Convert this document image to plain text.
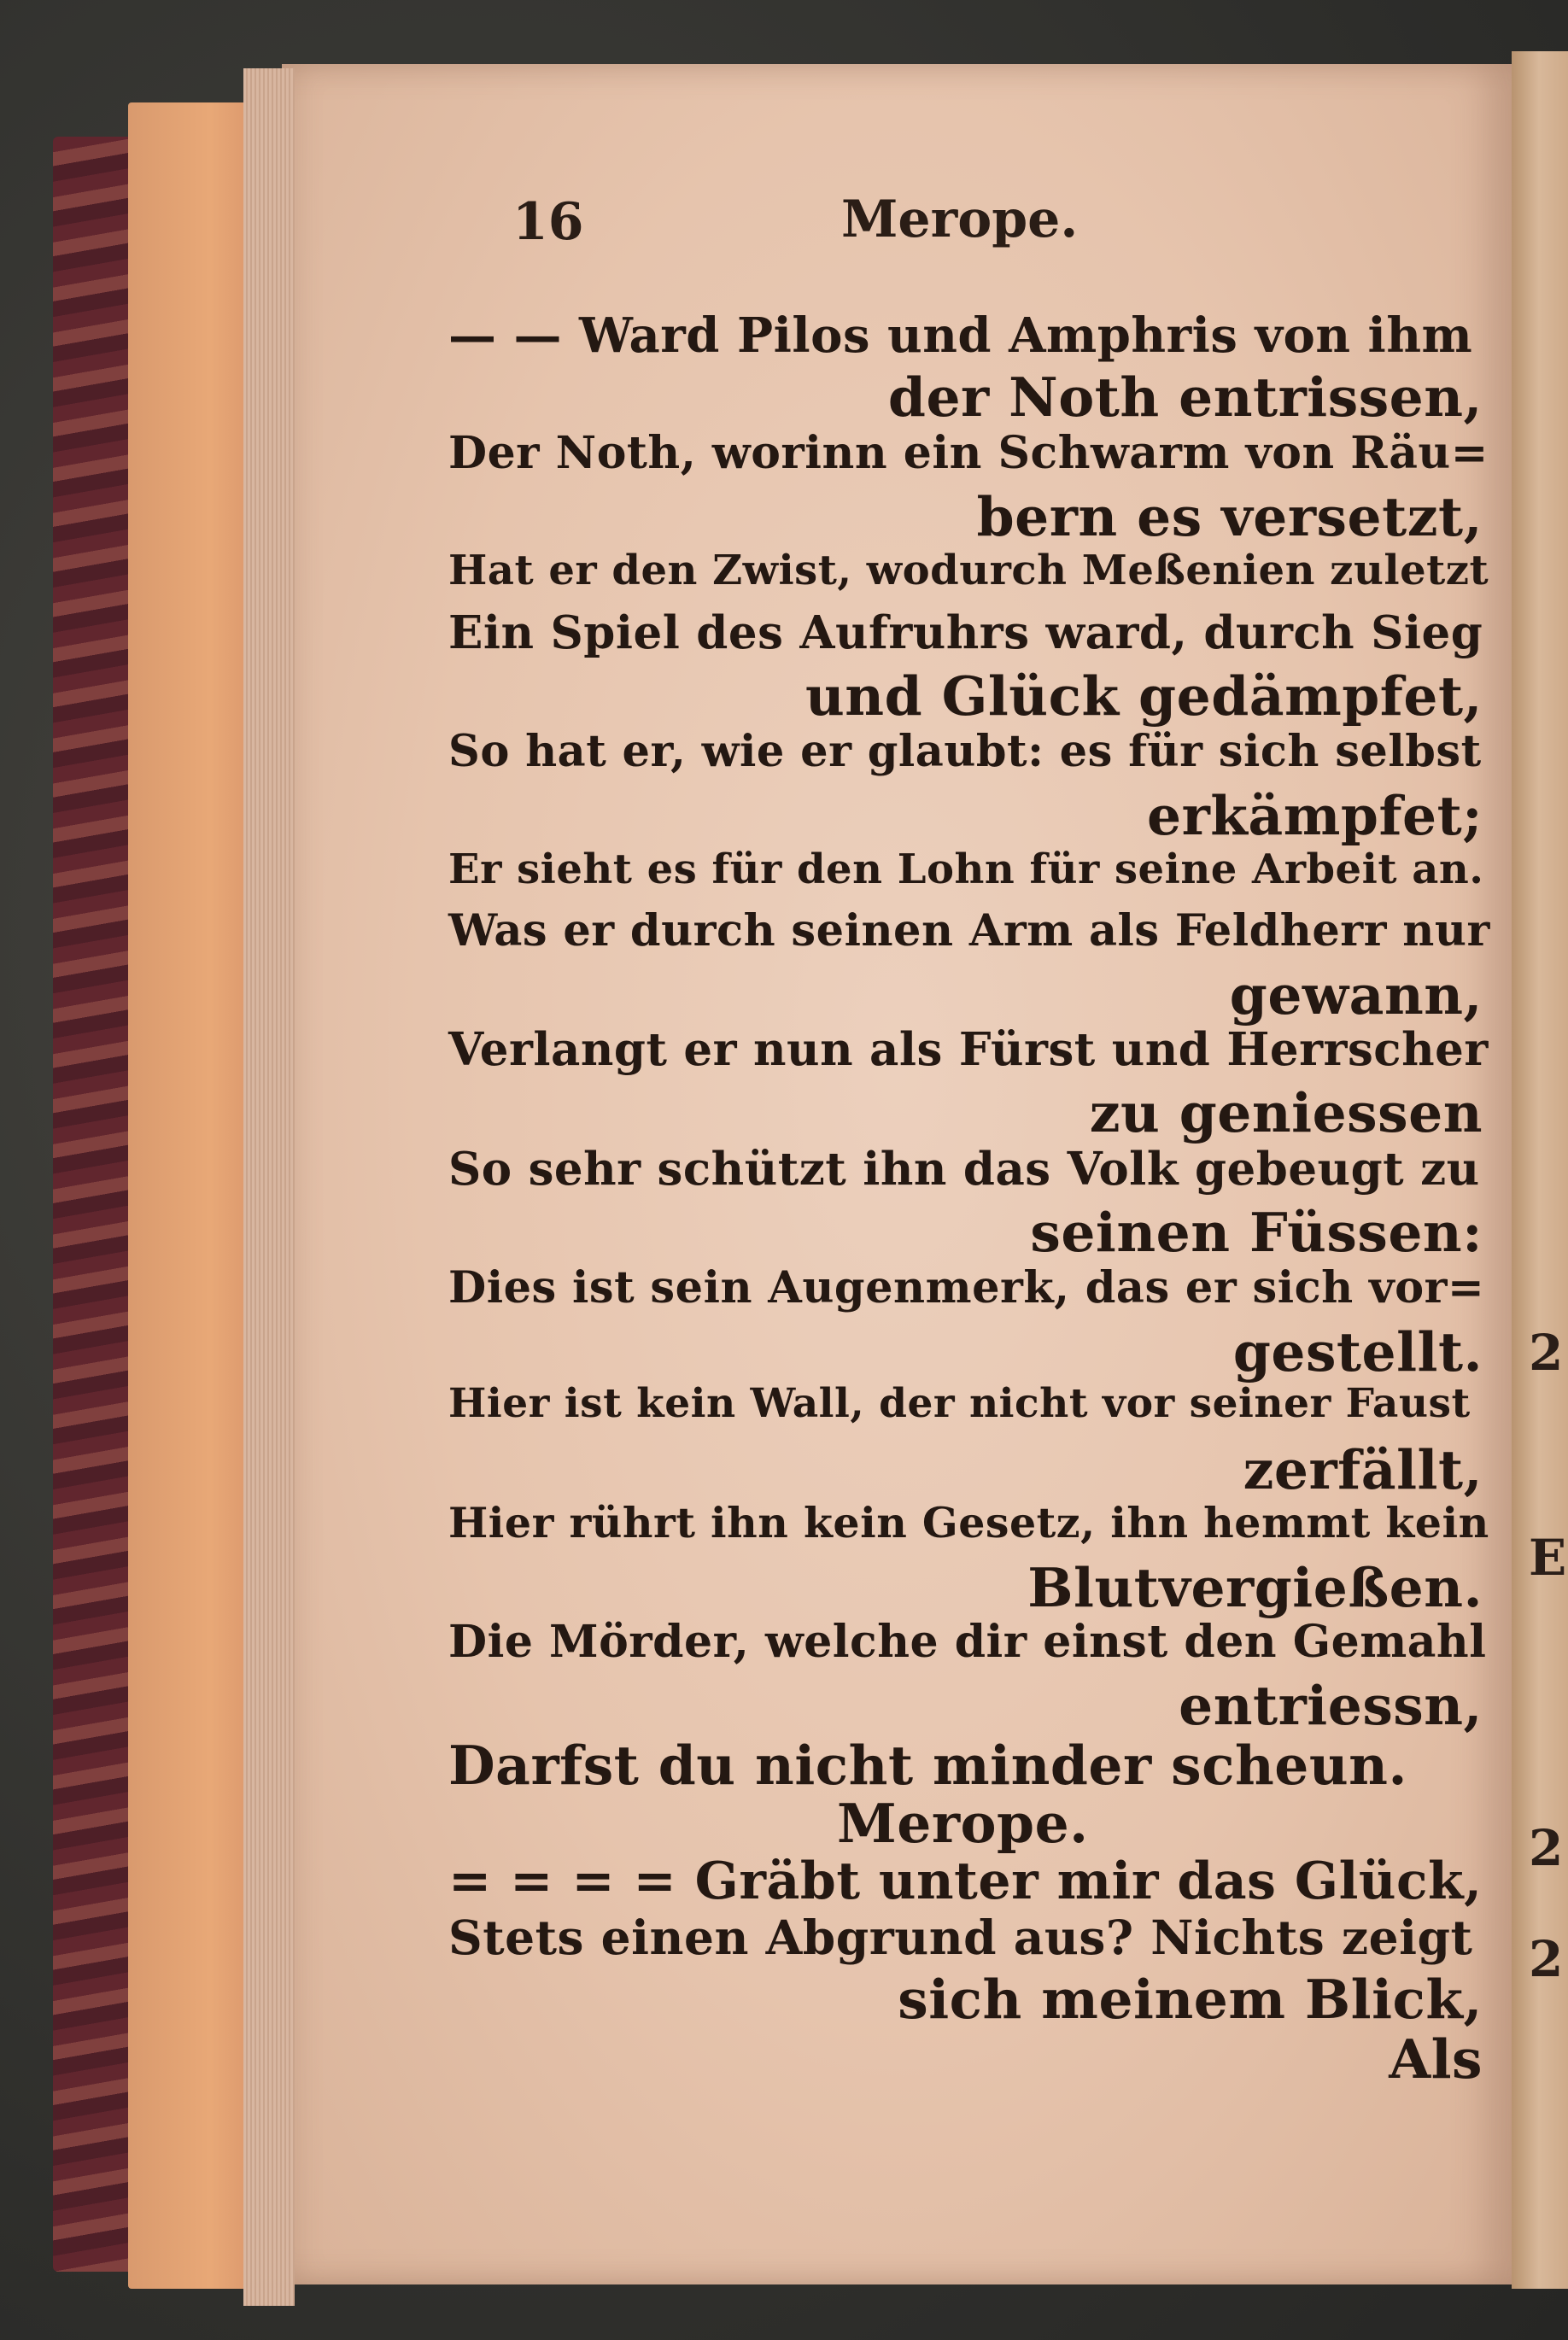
2
E
2
2
16	Merope.
— — Ward Pilos und Amphris von ihm
der Noth entrissen,
Der Noth, worinn ein Schwarm von Räu=
bern es versetzt,
Hat er den Zwist, wodurch Meßenien zuletzt
Ein Spiel des Aufruhrs ward, durch Sieg
und Glück gedämpfet,
So hat er, wie er glaubt: es für sich selbst
erkämpfet;
Er sieht es für den Lohn für seine Arbeit an.
Was er durch seinen Arm als Feldherr nur
gewann,
Verlangt er nun als Fürst und Herrscher
zu geniessen
So sehr schützt ihn das Volk gebeugt zu
seinen Füssen:
Dies ist sein Augenmerk, das er sich vor=
gestellt.
Hier ist kein Wall, der nicht vor seiner Faust
zerfällt,
Hier rührt ihn kein Gesetz, ihn hemmt kein
Blutvergießen.
Die Mörder, welche dir einst den Gemahl
entriessn,
Darfst du nicht minder scheun.
Merope.
= = = = Gräbt unter mir das Glück,
Stets einen Abgrund aus? Nichts zeigt
sich meinem Blick,
Als
